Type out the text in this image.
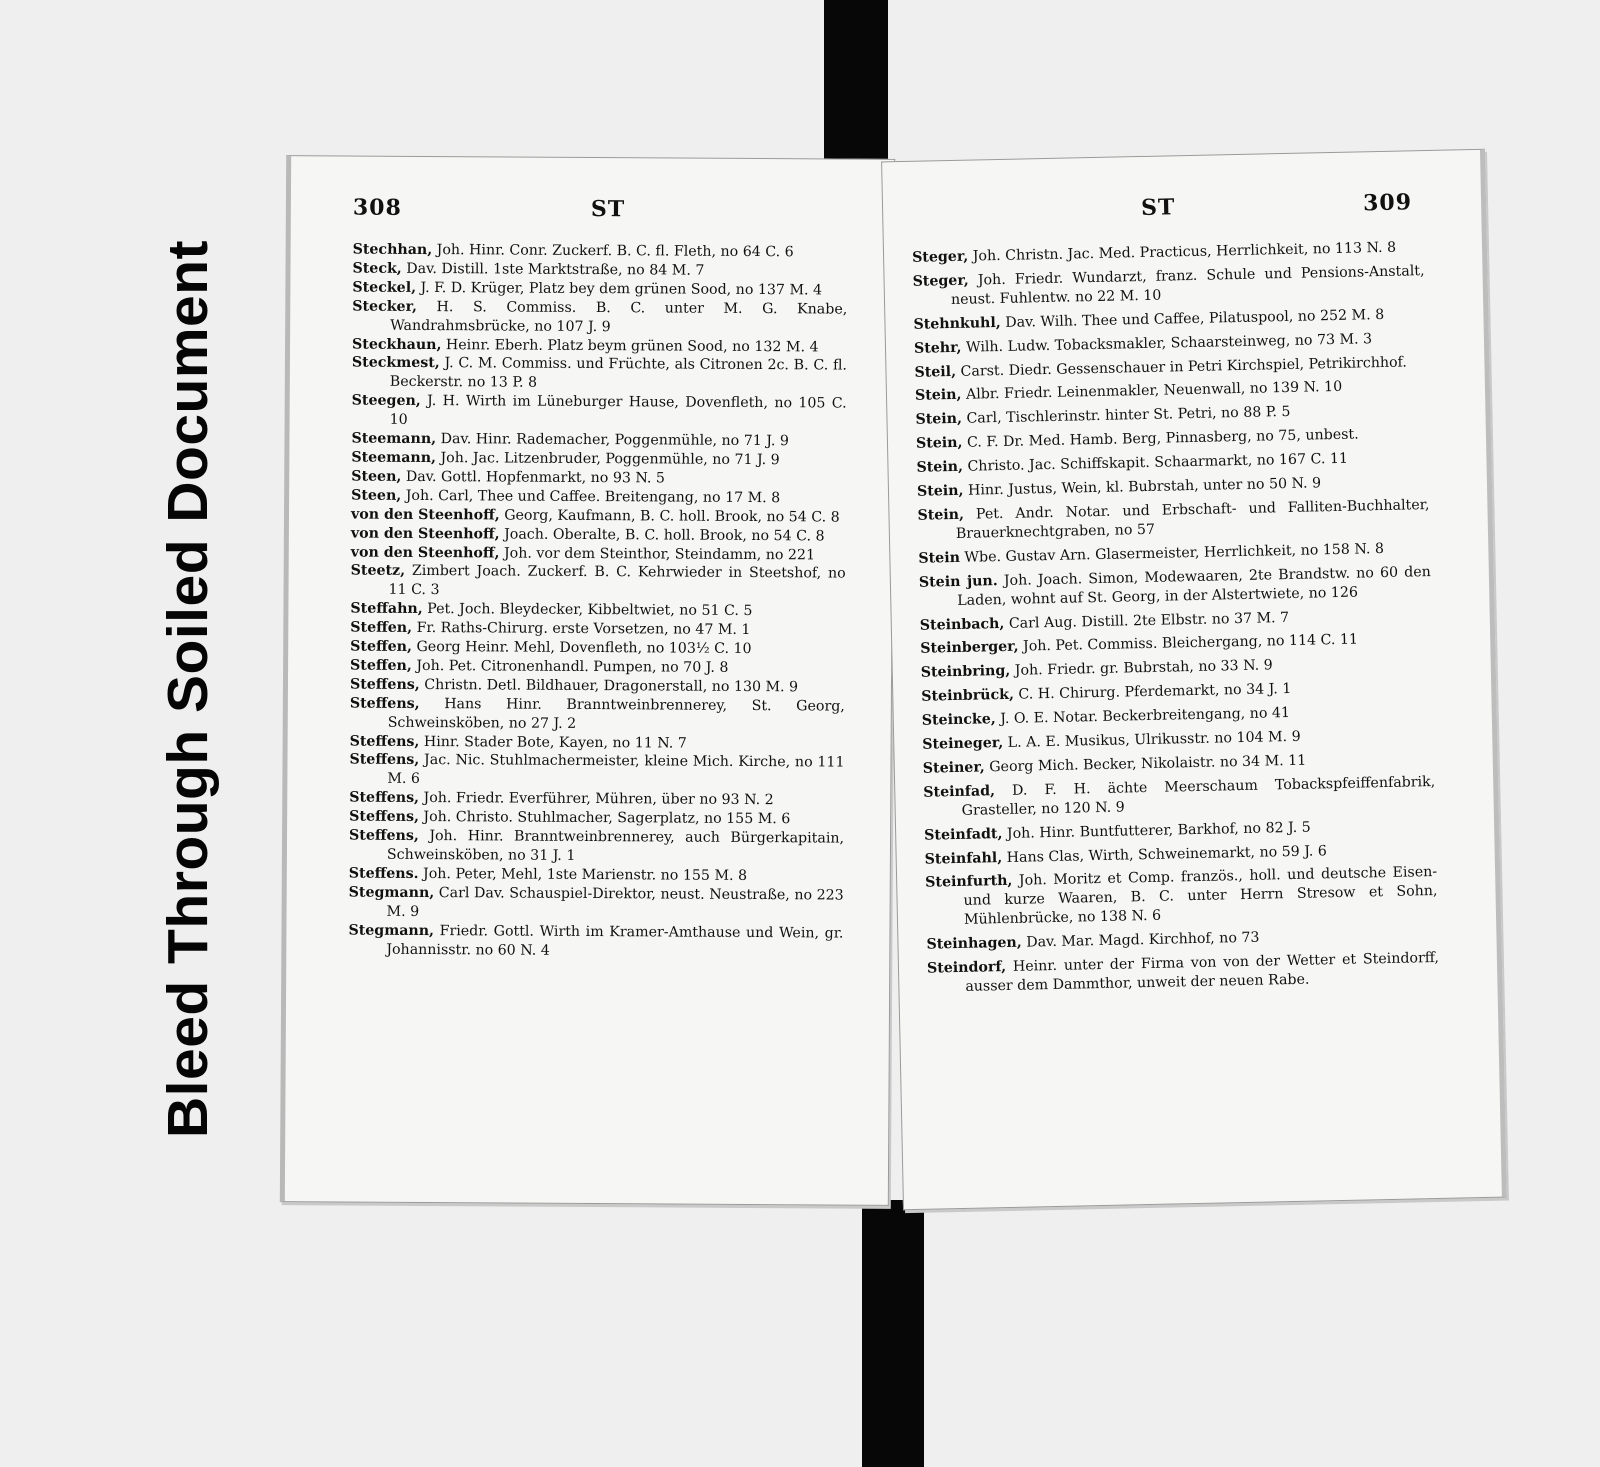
Bleed Through Soiled Document
308	ST
Stechhan, Joh. Hinr. Conr. Zuckerf. B. C. fl. Fleth, no 64 C. 6
Steck, Dav. Distill. 1ste Marktstraße, no 84 M. 7
Steckel, J. F. D. Krüger, Platz bey dem grünen Sood, no 137 M. 4
Stecker, H. S. Commiss. B. C. unter M. G. Knabe, Wandrahmsbrücke, no 107 J. 9
Steckhaun, Heinr. Eberh. Platz beym grünen Sood, no 132 M. 4
Steckmest, J. C. M. Commiss. und Früchte, als Citronen 2c. B. C. fl. Beckerstr. no 13 P. 8
Steegen, J. H. Wirth im Lüneburger Hause, Dovenfleth, no 105 C. 10
Steemann, Dav. Hinr. Rademacher, Poggenmühle, no 71 J. 9
Steemann, Joh. Jac. Litzenbruder, Poggenmühle, no 71 J. 9
Steen, Dav. Gottl. Hopfenmarkt, no 93 N. 5
Steen, Joh. Carl, Thee und Caffee. Breitengang, no 17 M. 8
von den Steenhoff, Georg, Kaufmann, B. C. holl. Brook, no 54 C. 8
von den Steenhoff, Joach. Oberalte, B. C. holl. Brook, no 54 C. 8
von den Steenhoff, Joh. vor dem Steinthor, Steindamm, no 221
Steetz, Zimbert Joach. Zuckerf. B. C. Kehrwieder in Steetshof, no 11 C. 3
Steffahn, Pet. Joch. Bleydecker, Kibbeltwiet, no 51 C. 5
Steffen, Fr. Raths-Chirurg. erste Vorsetzen, no 47 M. 1
Steffen, Georg Heinr. Mehl, Dovenfleth, no 103½ C. 10
Steffen, Joh. Pet. Citronenhandl. Pumpen, no 70 J. 8
Steffens, Christn. Detl. Bildhauer, Dragonerstall, no 130 M. 9
Steffens, Hans Hinr. Branntweinbrennerey, St. Georg, Schweinsköben, no 27 J. 2
Steffens, Hinr. Stader Bote, Kayen, no 11 N. 7
Steffens, Jac. Nic. Stuhlmachermeister, kleine Mich. Kirche, no 111 M. 6
Steffens, Joh. Friedr. Everführer, Mühren, über no 93 N. 2
Steffens, Joh. Christo. Stuhlmacher, Sagerplatz, no 155 M. 6
Steffens, Joh. Hinr. Branntweinbrennerey, auch Bürgerkapitain, Schweinsköben, no 31 J. 1
Steffens. Joh. Peter, Mehl, 1ste Marienstr. no 155 M. 8
Stegmann, Carl Dav. Schauspiel-Direktor, neust. Neustraße, no 223 M. 9
Stegmann, Friedr. Gottl. Wirth im Kramer-Amthause und Wein, gr. Johannisstr. no 60 N. 4
ST	309
Steger, Joh. Christn. Jac. Med. Practicus, Herrlichkeit, no 113 N. 8
Steger, Joh. Friedr. Wundarzt, franz. Schule und Pensions-Anstalt, neust. Fuhlentw. no 22 M. 10
Stehnkuhl, Dav. Wilh. Thee und Caffee, Pilatuspool, no 252 M. 8
Stehr, Wilh. Ludw. Tobacksmakler, Schaarsteinweg, no 73 M. 3
Steil, Carst. Diedr. Gessenschauer in Petri Kirchspiel, Petrikirchhof.
Stein, Albr. Friedr. Leinenmakler, Neuenwall, no 139 N. 10
Stein, Carl, Tischlerinstr. hinter St. Petri, no 88 P. 5
Stein, C. F. Dr. Med. Hamb. Berg, Pinnasberg, no 75, unbest.
Stein, Christo. Jac. Schiffskapit. Schaarmarkt, no 167 C. 11
Stein, Hinr. Justus, Wein, kl. Bubrstah, unter no 50 N. 9
Stein, Pet. Andr. Notar. und Erbschaft- und Falliten-Buchhalter, Brauerknechtgraben, no 57
Stein Wbe. Gustav Arn. Glasermeister, Herrlichkeit, no 158 N. 8
Stein jun. Joh. Joach. Simon, Modewaaren, 2te Brandstw. no 60 den Laden, wohnt auf St. Georg, in der Alstertwiete, no 126
Steinbach, Carl Aug. Distill. 2te Elbstr. no 37 M. 7
Steinberger, Joh. Pet. Commiss. Bleichergang, no 114 C. 11
Steinbring, Joh. Friedr. gr. Bubrstah, no 33 N. 9
Steinbrück, C. H. Chirurg. Pferdemarkt, no 34 J. 1
Steincke, J. O. E. Notar. Beckerbreitengang, no 41
Steineger, L. A. E. Musikus, Ulrikusstr. no 104 M. 9
Steiner, Georg Mich. Becker, Nikolaistr. no 34 M. 11
Steinfad, D. F. H. ächte Meerschaum Tobackspfeiffenfabrik, Grasteller, no 120 N. 9
Steinfadt, Joh. Hinr. Buntfutterer, Barkhof, no 82 J. 5
Steinfahl, Hans Clas, Wirth, Schweinemarkt, no 59 J. 6
Steinfurth, Joh. Moritz et Comp. französ., holl. und deutsche Eisen- und kurze Waaren, B. C. unter Herrn Stresow et Sohn, Mühlenbrücke, no 138 N. 6
Steinhagen, Dav. Mar. Magd. Kirchhof, no 73
Steindorf, Heinr. unter der Firma von von der Wetter et Steindorff, ausser dem Dammthor, unweit der neuen Rabe.
